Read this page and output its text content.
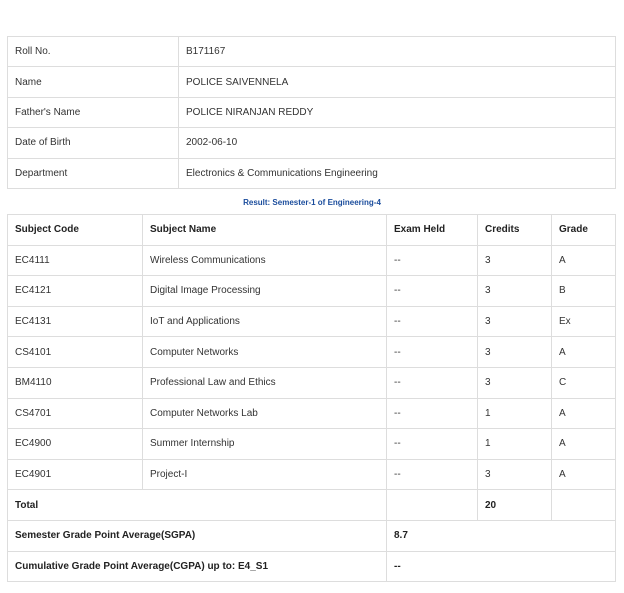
Roll No.	B171167
Name	POLICE SAIVENNELA
Father's Name	POLICE NIRANJAN REDDY
Date of Birth	2002-06-10
Department	Electronics & Communications Engineering
Result: Semester-1 of Engineering-4
Subject Code	Subject Name	Exam Held	Credits	Grade
EC4111	Wireless Communications	--	3	A
EC4121	Digital Image Processing	--	3	B
EC4131	IoT and Applications	--	3	Ex
CS4101	Computer Networks	--	3	A
BM4110	Professional Law and Ethics	--	3	C
CS4701	Computer Networks Lab	--	1	A
EC4900	Summer Internship	--	1	A
EC4901	Project-I	--	3	A
Total			20	
Semester Grade Point Average(SGPA)		8.7		
Cumulative Grade Point Average(CGPA) up to: E4_S1		--		
